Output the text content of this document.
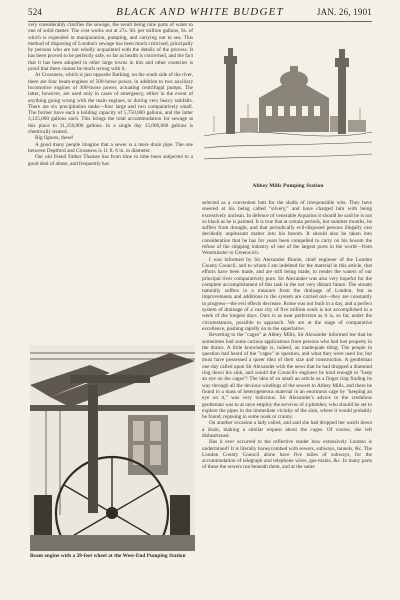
524	BLACK AND WHITE BUDGET	JAN. 26, 1901

very considerably clarifies the sewage, the result being nine parts of water to one of solid matter. The cost works out at 27s. 9d. per million gallons, 9s. of which is expended in manipulation, pumping, and carrying out to sea. This method of disposing of London's sewage has been much criticised, principally by persons who are not wholly acquainted with the details of the process. It has been proved to be perfectly safe, so far as health is concerned, and the fact that it has been adopted in other large towns in this and other countries is proof that there cannot be much wrong with it.

At Crossness, which is just opposite Barking, on the south side of the river, there are four beam-engines of 500-horse power, in addition to two auxiliary locomotive engines of 300-horse power, actuating centrifugal pumps. The latter, however, are used only in cases of emergency, either in the event of anything going wrong with the main engines, or during very heavy rainfalls. There are six precipitation tanks—four large and two comparatively small. The former have each a holding capacity of 5,750,000 gallons, and the latter 3,125,000 gallons each. This brings the total accommodation for sewage at this place to 31,250,000 gallons. In a single day 15,000,000 gallons is chemically treated.

Big figures, these!

A good many people imagine that a sewer is a mere drain pipe. The one between Deptford and Crossness is 11 ft. 6 in. in diameter.

Our old friend Father Thames has from time to time been subjected to a good deal of abuse, and frequently has

Abbey Mills Pumping Station

selected as a convenient butt for the shafts of irresponsible wits. They have sneered at his being called "silvery," and have charged him with being excessively unclean. In defence of venerable Aquarius it should be said he is not so black as he is painted. It is true that at certain periods, hot summer months, he suffers from drought, and that periodically evil-disposed persons illegally cast decidedly unpleasant matter into his bosom. It should also be taken into consideration that he has for years been compelled to carry on his bosom the refuse of the shipping industry of one of the largest ports in the world—from Westminster to Greenwich.

I was informed by Sir Alexander Binnie, chief engineer of the London County Council, and to whom I am indebted for the material in this article, that efforts have been made, and are still being made, to render the waters of our principal river comparatively pure. Sir Alexander was also very hopeful for the complete accomplishment of this task in the not very distant future. The stream naturally suffers in a measure from the drainage of London, but as improvements and additions to the system are carried out—they are constantly in progress—the evil effects decrease. Rome was not built in a day, and a perfect system of drainage of a vast city of five million souls is not accomplished in a week of the longest days. Ours is as near perfection as it is, so far, under the circumstances, possible to approach. We are at the stage of comparative excellence, pushing rapidly on to the superlative.

Reverting to the "cages" at Abbey Mills, Sir Alexander informed me that he sometimes had some curious applications from persons who had lost property in the drains. A little knowledge is, indeed, an inadequate thing. The people in question had heard of the "cages" in question, and what they were used for, but must have possessed a queer idea of their size and construction. A gentleman one day called upon Sir Alexander with the news that he had dropped a diamond ring down his sink, and would the Council's engineer be kind enough to "keep an eye on the cages"! The idea of so small an article as a finger ring finding its way through all the devious windings of the sewers to Abbey Mills, and there be found in a mass of heterogeneous material in an enormous cage by "keeping an eye on it," was very ludicrous. Sir Alexander's advice to the credulous gentleman was to at once employ the services of a plumber, who should be set to explore the pipes in the immediate vicinity of the sink, where it would probably be found, reposing in some nook or cranny.

On another occasion a lady called, and said she had dropped her watch down a drain, making a similar request about the cages. Of course, she left disheartened.

Has it ever occurred to the reflective reader how extensively London is undermined? It is literally honeycombed with sewers, subways, tunnels, &c. The London County Council alone have five miles of subways, for the accommodation of telegraph and telephone wires, gas-mains, &c. In many parts of these the sewers run beneath them, and at the same

Beam engine with a 28-feet wheel at the West-End Pumping Station
